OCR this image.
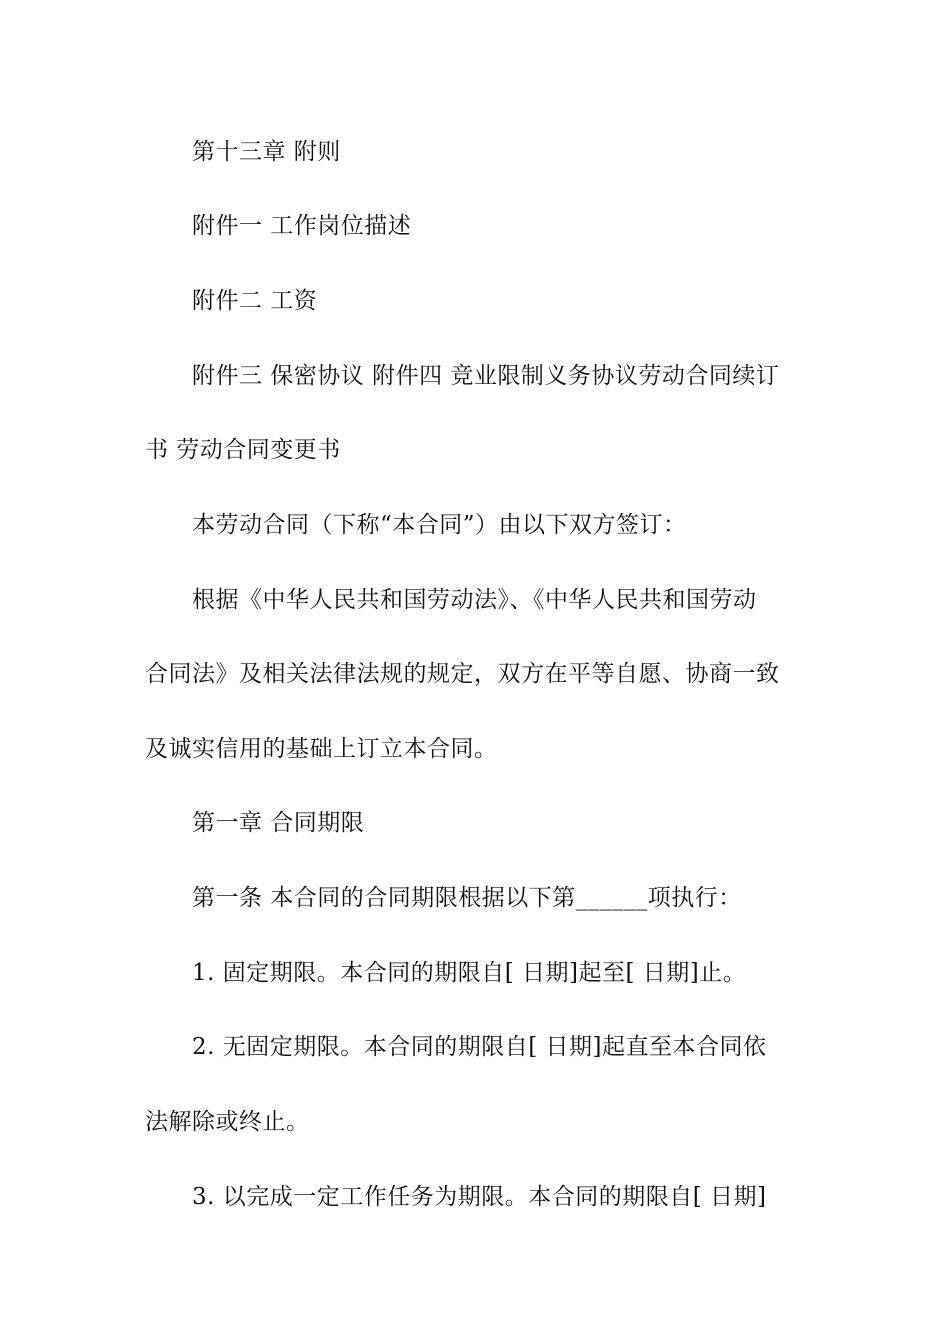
第十三章 附则
附件一 工作岗位描述
附件二 工资
附件三 保密协议 附件四 竞业限制义务协议劳动合同续订
书 劳动合同变更书
本劳动合同（下称“本合同”）由以下双方签订：
根据《中华人民共和国劳动法》、《中华人民共和国劳动
合同法》及相关法律法规的规定，双方在平等自愿、协商一致
及诚实信用的基础上订立本合同。
第一章 合同期限
第一条 本合同的合同期限根据以下第______项执行：
1. 固定期限。本合同的期限自[ 日期]起至[ 日期]止。
2. 无固定期限。本合同的期限自[ 日期]起直至本合同依
法解除或终止。
3. 以完成一定工作任务为期限。本合同的期限自[ 日期]
